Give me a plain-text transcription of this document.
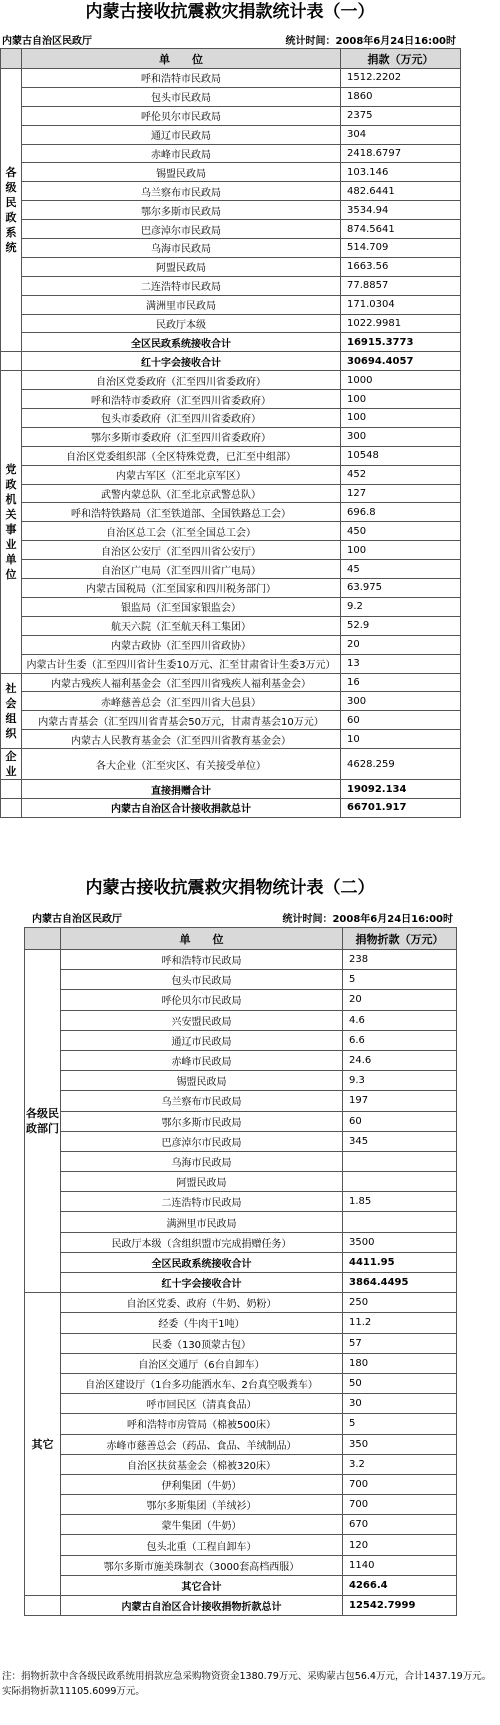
内蒙古接收抗震救灾捐款统计表（一）
内蒙古自治区民政厅	统计时间：2008年6月24日16:00时
	单　　位	捐款（万元）
各级民政系统	呼和浩特市民政局	1512.2202
	包头市民政局	1860
	呼伦贝尔市民政局	2375
	通辽市民政局	304
	赤峰市民政局	2418.6797
	锡盟民政局	103.146
	乌兰察布市民政局	482.6441
	鄂尔多斯市民政局	3534.94
	巴彦淖尔市民政局	874.5641
	乌海市民政局	514.709
	阿盟民政局	1663.56
	二连浩特市民政局	77.8857
	满洲里市民政局	171.0304
	民政厅本级	1022.9981
	全区民政系统接收合计	16915.3773
	红十字会接收合计	30694.4057
党政机关　事业单位	自治区党委政府（汇至四川省委政府）	1000
	呼和浩特市委政府（汇至四川省委政府）	100
	包头市委政府（汇至四川省委政府）	100
	鄂尔多斯市委政府（汇至四川省委政府）	300
	自治区党委组织部（全区特殊党费，已汇至中组部）	10548
	内蒙古军区（汇至北京军区）	452
	武警内蒙总队（汇至北京武警总队）	127
	呼和浩特铁路局（汇至铁道部、全国铁路总工会）	696.8
	自治区总工会（汇至全国总工会）	450
	自治区公安厅（汇至四川省公安厅）	100
	自治区广电局（汇至四川省广电局）	45
	内蒙古国税局（汇至国家和四川税务部门）	63.975
	银监局（汇至国家银监会）	9.2
	航天六院（汇至航天科工集团）	52.9
	内蒙古政协（汇至四川省政协）	20
	内蒙古计生委（汇至四川省计生委10万元、汇至甘肃省计生委3万元）	13
社会组织	内蒙古残疾人福利基金会（汇至四川省残疾人福利基金会）	16
	赤峰慈善总会（汇至四川省大邑县）	300
	内蒙古青基会（汇至四川省青基会50万元，甘肃青基会10万元）	60
	内蒙古人民教育基金会（汇至四川省教育基金会）	10
企业	各大企业（汇至灾区、有关接受单位）	4628.259
	直接捐赠合计	19092.134
	内蒙古自治区合计接收捐款总计	66701.917
内蒙古接收抗震救灾捐物统计表（二）
内蒙古自治区民政厅	统计时间：2008年6月24日16:00时
	单　　位	捐物折款（万元）
各级民政部门	呼和浩特市民政局	238
	包头市民政局	5
	呼伦贝尔市民政局	20
	兴安盟民政局	4.6
	通辽市民政局	6.6
	赤峰市民政局	24.6
	锡盟民政局	9.3
	乌兰察布市民政局	197
	鄂尔多斯市民政局	60
	巴彦淖尔市民政局	345
	乌海市民政局	
	阿盟民政局	
	二连浩特市民政局	1.85
	满洲里市民政局	
	民政厅本级（含组织盟市完成捐赠任务）	3500
	全区民政系统接收合计	4411.95
	红十字会接收合计	3864.4495
其它	自治区党委、政府（牛奶、奶粉）	250
	经委（牛肉干1吨）	11.2
	民委（130顶蒙古包）	57
	自治区交通厅（6台自卸车）	180
	自治区建设厅（1台多功能洒水车、2台真空吸粪车）	50
	呼市回民区（清真食品）	30
	呼和浩特市房管局（棉被500床）	5
	赤峰市慈善总会（药品、食品、羊绒制品）	350
	自治区扶贫基金会（棉被320床）	3.2
	伊利集团（牛奶）	700
	鄂尔多斯集团（羊绒衫）	700
	蒙牛集团（牛奶）	670
	包头北重（工程自卸车）	120
	鄂尔多斯市施美珠制衣（3000套高档西服）	1140
	其它合计	4266.4
	内蒙古自治区合计接收捐物折款总计	12542.7999
注：捐物折款中含各级民政系统用捐款应急采购物资资金1380.79万元、采购蒙古包56.4万元，合计1437.19万元。实际捐物折款11105.6099万元。
